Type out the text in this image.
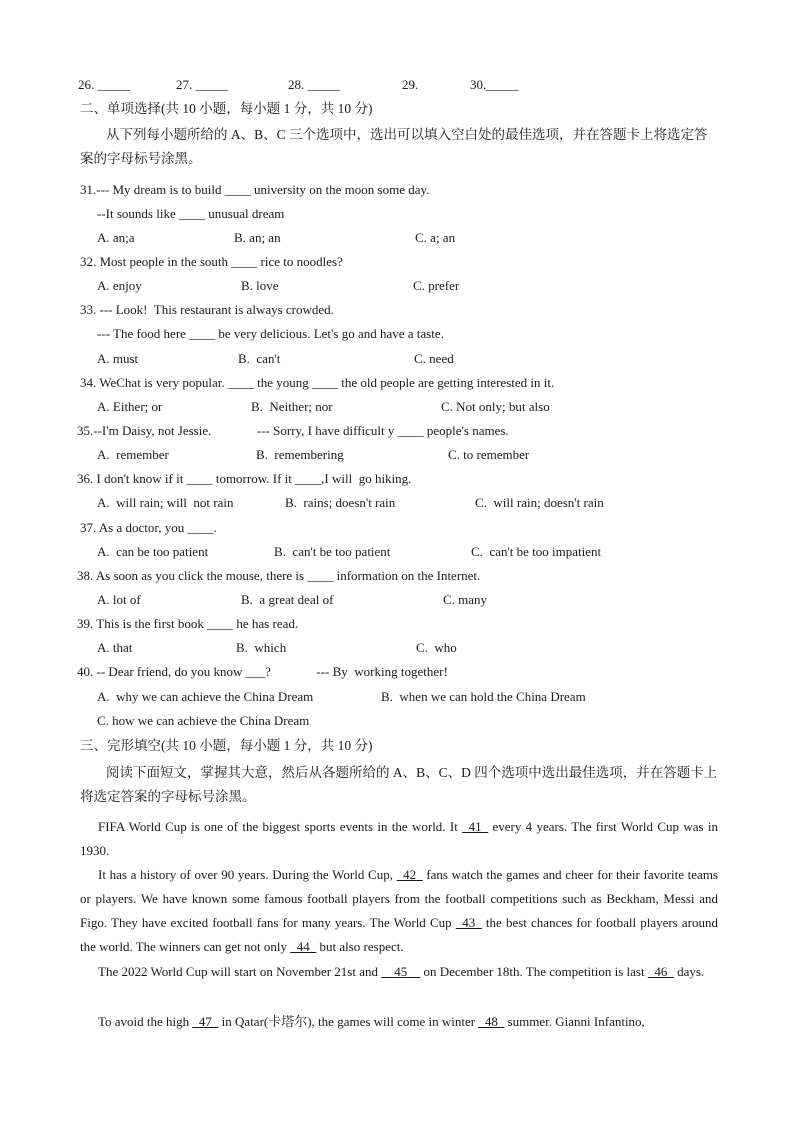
26. _____	27. _____	28. _____	29.	30._____
二、单项选择(共 10 小题，每小题 1 分，共 10 分)
从下列每小题所给的 A、B、C 三个选项中，选出可以填入空白处的最佳选项，并在答题卡上将选定答案的字母标号涂黑。
31.--- My dream is to build ____ university on the moon some day.
--It sounds like ____ unusual dream
A. an;a	B. an; an	C. a; an
32. Most people in the south ____ rice to noodles?
A. enjoy	B. love	C. prefer
33. --- Look!  This restaurant is always crowded.
--- The food here ____ be very delicious. Let's go and have a taste.
A. must	B.  can't	C. need
34. WeChat is very popular. ____ the young ____ the old people are getting interested in it.
A. Either; or	B.  Neither; nor	C. Not only; but also
35.--I'm Daisy, not Jessie.              --- Sorry, I have difficult y ____ people's names.
A.  remember	B.  remembering	C. to remember
36. I don't know if it ____ tomorrow. If it ____,I will  go hiking.
A.  will rain; will  not rain	B.  rains; doesn't rain	C.  will rain; doesn't rain
37. As a doctor, you ____.
A.  can be too patient	B.  can't be too patient	C.  can't be too impatient
38. As soon as you click the mouse, there is ____ information on the Internet.
A. lot of	B.  a great deal of	C. many
39. This is the first book ____ he has read.
A. that	B.  which	C.  who
40. -- Dear friend, do you know ___?              --- By  working together!
A.  why we can achieve the China Dream	B.  when we can hold the China Dream
C. how we can achieve the China Dream
三、完形填空(共 10 小题，每小题 1 分，共 10 分)
阅读下面短文，掌握其大意，然后从各题所给的 A、B、C、D 四个选项中选出最佳选项，并在答题卡上将选定答案的字母标号涂黑。
FIFA World Cup is one of the biggest sports events in the world. It _41_ every 4 years. The first World Cup was in 1930.
It has a history of over 90 years. During the World Cup, _42_ fans watch the games and cheer for their favorite teams or players. We have known some famous football players from the football competitions such as Beckham, Messi and Figo. They have excited football fans for many years. The World Cup _43_ the best chances for football players around the world. The winners can get not only _44_ but also respect.
The 2022 World Cup will start on November 21st and __45__ on December 18th. The competition is last _46_ days.
To avoid the high _47_ in Qatar(卡塔尔), the games will come in winter _48_ summer. Gianni Infantino,
